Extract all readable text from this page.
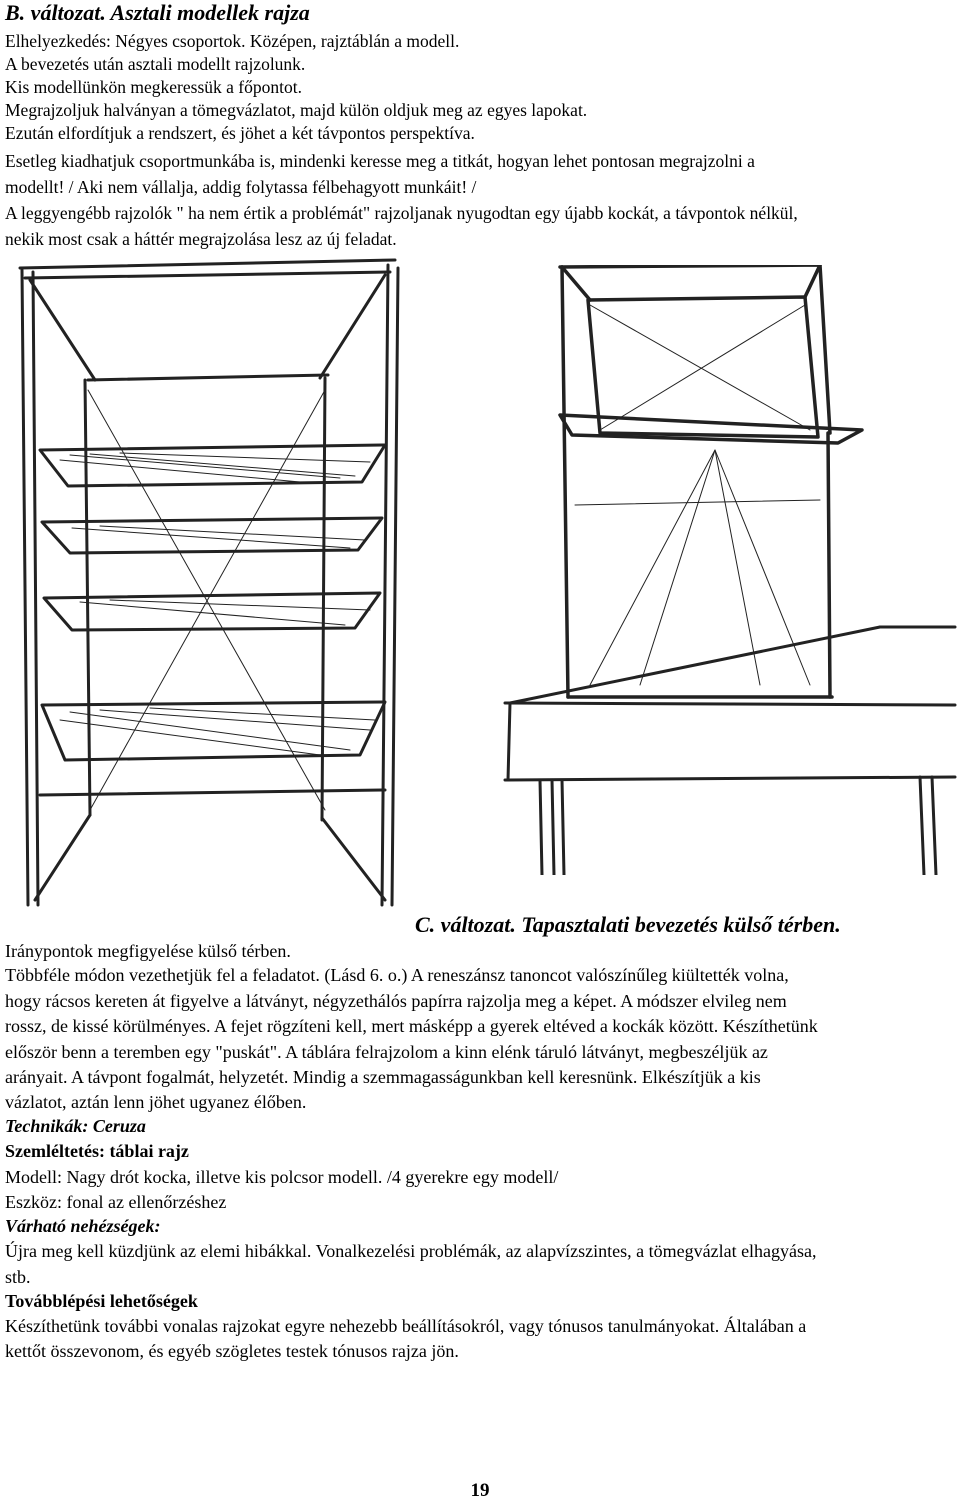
B. változat. Asztali modellek rajza
Elhelyezkedés: Négyes csoportok. Középen, rajztáblán a modell.
A bevezetés után asztali modellt rajzolunk.
Kis modellünkön megkeressük a főpontot.
Megrajzoljuk halványan a tömegvázlatot, majd külön oldjuk meg az egyes lapokat.
Ezután elfordítjuk a rendszert, és jöhet a két távpontos perspektíva.
Esetleg kiadhatjuk csoportmunkába is, mindenki keresse meg a titkát, hogyan lehet pontosan megrajzolni a
modellt! / Aki nem vállalja, addig folytassa félbehagyott munkáit! /
A leggyengébb rajzolók " ha nem értik a problémát" rajzoljanak nyugodtan egy újabb kockát, a távpontok nélkül,
nekik most csak a háttér megrajzolása lesz az új feladat.
C. változat. Tapasztalati bevezetés külső térben.
Iránypontok megfigyelése külső térben.
Többféle módon vezethetjük fel a feladatot. (Lásd 6. o.) A reneszánsz tanoncot valószínűleg kiültették volna,
hogy rácsos kereten át figyelve a látványt, négyzethálós papírra rajzolja meg a képet. A módszer elvileg nem
rossz, de kissé körülményes. A fejet rögzíteni kell, mert másképp a gyerek eltéved a kockák között. Készíthetünk
először benn a teremben egy "puskát". A táblára felrajzolom a kinn elénk táruló látványt, megbeszéljük az
arányait. A távpont fogalmát, helyzetét. Mindig a szemmagasságunkban kell keresnünk. Elkészítjük a kis
vázlatot, aztán lenn jöhet ugyanez élőben.
Technikák: Ceruza
Szemléltetés: táblai rajz
Modell: Nagy drót kocka, illetve kis polcsor modell. /4 gyerekre egy modell/
Eszköz: fonal az ellenőrzéshez
Várható nehézségek:
Újra meg kell küzdjünk az elemi hibákkal. Vonalkezelési problémák, az alapvízszintes, a tömegvázlat elhagyása,
stb.
Továbblépési lehetőségek
Készíthetünk további vonalas rajzokat egyre nehezebb beállításokról, vagy tónusos tanulmányokat. Általában a
kettőt összevonom, és egyéb szögletes testek tónusos rajza jön.
19
